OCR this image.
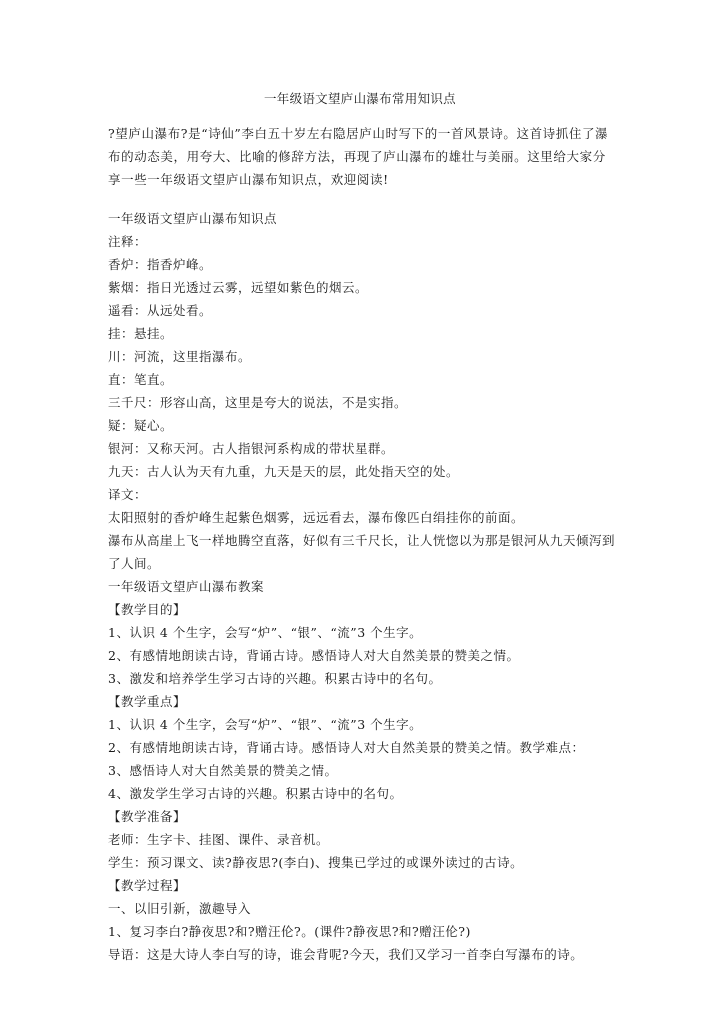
一年级语文望庐山瀑布常用知识点
?望庐山瀑布?是“诗仙”李白五十岁左右隐居庐山时写下的一首风景诗。这首诗抓住了瀑布的动态美，用夸大、比喻的修辞方法，再现了庐山瀑布的雄壮与美丽。这里给大家分享一些一年级语文望庐山瀑布知识点，欢迎阅读!
一年级语文望庐山瀑布知识点
注释：
香炉：指香炉峰。
紫烟：指日光透过云雾，远望如紫色的烟云。
遥看：从远处看。
挂：悬挂。
川：河流，这里指瀑布。
直：笔直。
三千尺：形容山高，这里是夸大的说法，不是实指。
疑：疑心。
银河：又称天河。古人指银河系构成的带状星群。
九天：古人认为天有九重，九天是天的层，此处指天空的处。
译文：
太阳照射的香炉峰生起紫色烟雾，远远看去，瀑布像匹白绢挂你的前面。
瀑布从高崖上飞一样地腾空直落，好似有三千尺长，让人恍惚以为那是银河从九天倾泻到了人间。
一年级语文望庐山瀑布教案
【教学目的】
1、认识 4 个生字，会写“炉”、“银”、“流”3 个生字。
2、有感情地朗读古诗，背诵古诗。感悟诗人对大自然美景的赞美之情。
3、激发和培养学生学习古诗的兴趣。积累古诗中的名句。
【教学重点】
1、认识 4 个生字，会写“炉”、“银”、“流”3 个生字。
2、有感情地朗读古诗，背诵古诗。感悟诗人对大自然美景的赞美之情。教学难点：
3、感悟诗人对大自然美景的赞美之情。
4、激发学生学习古诗的兴趣。积累古诗中的名句。
【教学准备】
老师：生字卡、挂图、课件、录音机。
学生：预习课文、读?静夜思?(李白)、搜集已学过的或课外读过的古诗。
【教学过程】
一、以旧引新，激趣导入
1、复习李白?静夜思?和?赠汪伦?。(课件?静夜思?和?赠汪伦?)
导语：这是大诗人李白写的诗，谁会背呢?今天，我们又学习一首李白写瀑布的诗。
